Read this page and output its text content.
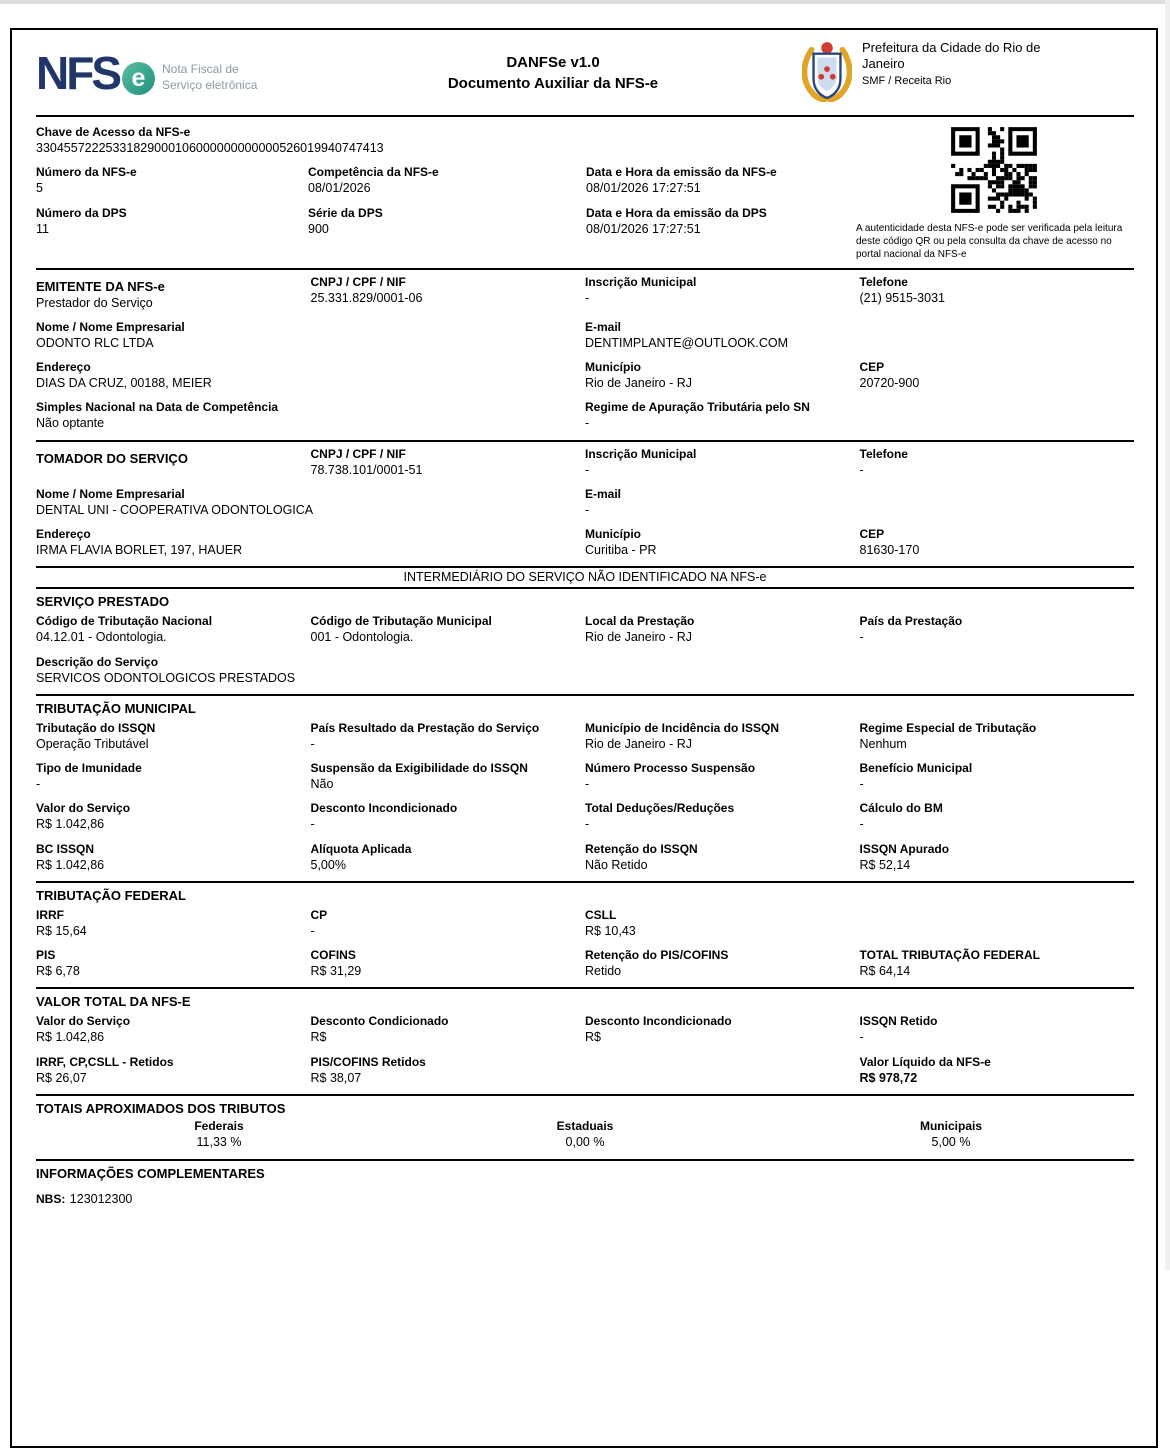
NFS e	Nota Fiscal de
Serviço eletrônica
DANFSe v1.0
Documento Auxiliar da NFS-e
Prefeitura da Cidade do Rio de
Janeiro
SMF / Receita Rio
Chave de Acesso da NFS-e
33045572225331829000106000000000000526019940747413
Número da NFS-e
5
Competência da NFS-e
08/01/2026
Data e Hora da emissão da NFS-e
08/01/2026 17:27:51
Número da DPS
11
Série da DPS
900
Data e Hora da emissão da DPS
08/01/2026 17:27:51	A autenticidade desta NFS-e pode ser verificada pela leitura deste código QR ou pela consulta da chave de acesso no portal nacional da NFS-e

EMITENTE DA NFS-e
Prestador do Serviço
CNPJ / CPF / NIF
25.331.829/0001-06
Inscrição Municipal
-
Telefone
(21) 9515-3031
Nome / Nome Empresarial
ODONTO RLC LTDA
E-mail
DENTIMPLANTE@OUTLOOK.COM
Endereço
DIAS DA CRUZ, 00188, MEIER
Município
Rio de Janeiro - RJ
CEP
20720-900
Simples Nacional na Data de Competência
Não optante
Regime de Apuração Tributária pelo SN
-
TOMADOR DO SERVIÇO	CNPJ / CPF / NIF
78.738.101/0001-51
Inscrição Municipal
-
Telefone
-
Nome / Nome Empresarial
DENTAL UNI - COOPERATIVA ODONTOLOGICA
E-mail
-
Endereço
IRMA FLAVIA BORLET, 197, HAUER
Município
Curitiba - PR
CEP
81630-170
INTERMEDIÁRIO DO SERVIÇO NÃO IDENTIFICADO NA NFS-e
SERVIÇO PRESTADO
Código de Tributação Nacional
04.12.01 - Odontologia.
Código de Tributação Municipal
001 - Odontologia.
Local da Prestação
Rio de Janeiro - RJ
País da Prestação
-
Descrição do Serviço
SERVICOS ODONTOLOGICOS PRESTADOS
TRIBUTAÇÃO MUNICIPAL
Tributação do ISSQN
Operação Tributável
País Resultado da Prestação do Serviço
-
Município de Incidência do ISSQN
Rio de Janeiro - RJ
Regime Especial de Tributação
Nenhum
Tipo de Imunidade
-
Suspensão da Exigibilidade do ISSQN
Não
Número Processo Suspensão
-
Benefício Municipal
-
Valor do Serviço
R$ 1.042,86
Desconto Incondicionado
-
Total Deduções/Reduções
-
Cálculo do BM
-
BC ISSQN
R$ 1.042,86
Alíquota Aplicada
5,00%
Retenção do ISSQN
Não Retido
ISSQN Apurado
R$ 52,14
TRIBUTAÇÃO FEDERAL
IRRF
R$ 15,64
CP
-
CSLL
R$ 10,43
PIS
R$ 6,78
COFINS
R$ 31,29
Retenção do PIS/COFINS
Retido
TOTAL TRIBUTAÇÃO FEDERAL
R$ 64,14
VALOR TOTAL DA NFS-E
Valor do Serviço
R$ 1.042,86
Desconto Condicionado
R$
Desconto Incondicionado
R$
ISSQN Retido
-
IRRF, CP,CSLL - Retidos
R$ 26,07
PIS/COFINS Retidos
R$ 38,07
Valor Líquido da NFS-e
R$ 978,72
TOTAIS APROXIMADOS DOS TRIBUTOS
Federais
11,33 %
Estaduais
0,00 %
Municipais
5,00 %
INFORMAÇÕES COMPLEMENTARES
NBS: 123012300
